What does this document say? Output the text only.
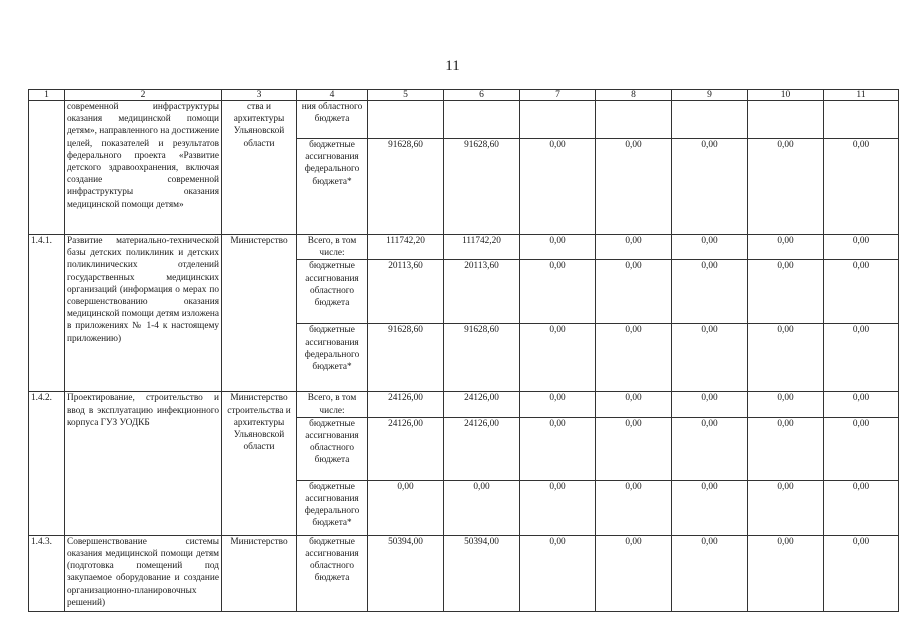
11
1	2	3	4	5	6	7	8	9	10	11
	современной инфраструктуры оказания медицинской помощи детям», направленного на достижение целей, показателей и результатов федерального проекта «Развитие детского здравоохранения, включая создание современной инфраструктуры оказания медицинской помощи детям»	ства и архитектуры Ульяновской области	ния областного бюджета							
			бюджетные ассигнования федерального бюджета*	91628,60	91628,60	0,00	0,00	0,00	0,00	0,00
1.4.1.	Развитие материально-технической базы детских поликлиник и детских поликлинических отделений государственных медицинских организаций (информация о мерах по совершенствованию оказания медицинской помощи детям изложена в приложениях № 1-4 к настоящему приложению)	Министерство	Всего, в том числе:	111742,20	111742,20	0,00	0,00	0,00	0,00	0,00
			бюджетные ассигнования областного бюджета	20113,60	20113,60	0,00	0,00	0,00	0,00	0,00
			бюджетные ассигнования федерального бюджета*	91628,60	91628,60	0,00	0,00	0,00	0,00	0,00
1.4.2.	Проектирование, строительство и ввод в эксплуатацию инфекционного корпуса ГУЗ УОДКБ	Министерство строительства и архитектуры Ульяновской области	Всего, в том числе:	24126,00	24126,00	0,00	0,00	0,00	0,00	0,00
			бюджетные ассигнования областного бюджета	24126,00	24126,00	0,00	0,00	0,00	0,00	0,00
			бюджетные ассигнования федерального бюджета*	0,00	0,00	0,00	0,00	0,00	0,00	0,00
1.4.3.	Совершенствование системы оказания медицинской помощи детям (подготовка помещений под закупаемое оборудование и создание организационно-планировочных решений)	Министерство	бюджетные ассигнования областного бюджета	50394,00	50394,00	0,00	0,00	0,00	0,00	0,00
